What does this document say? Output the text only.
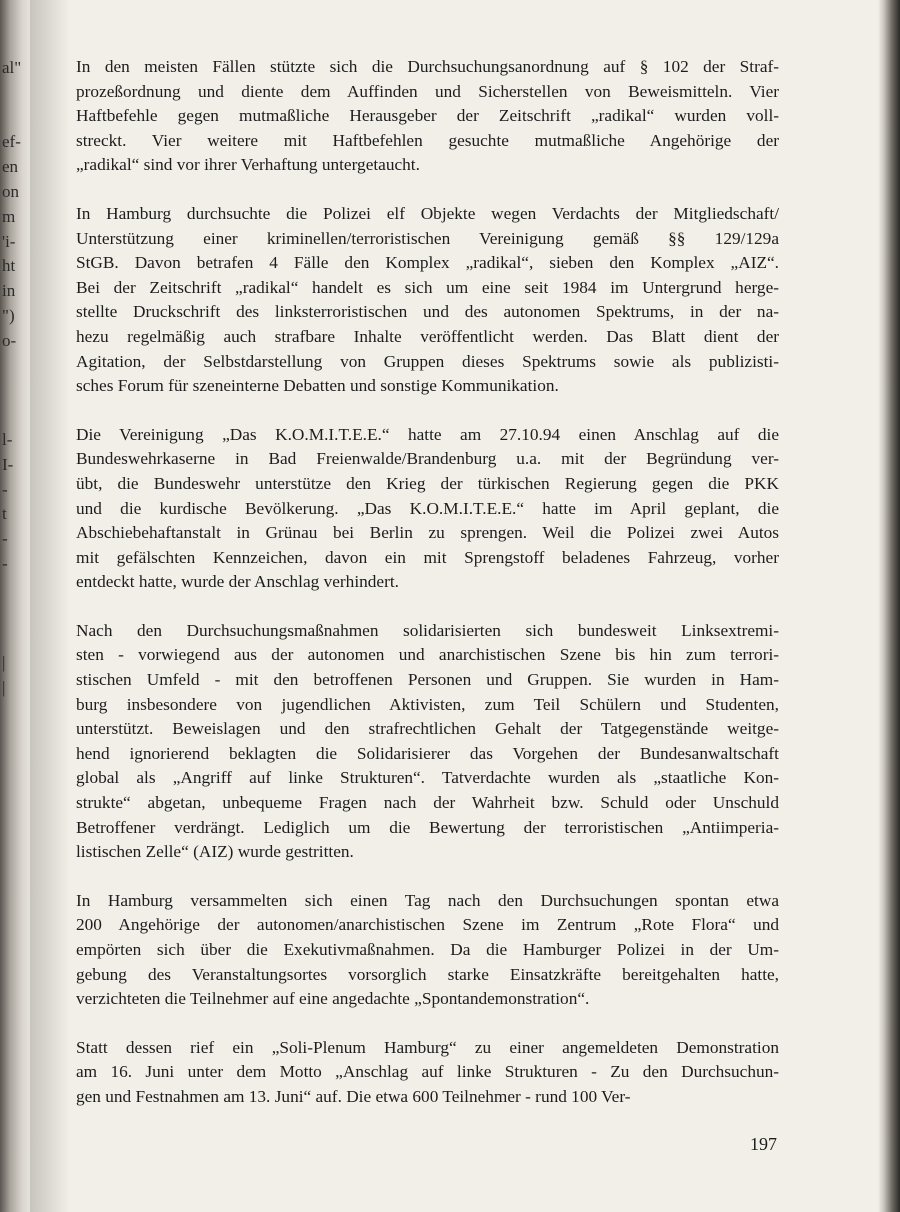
al"
ef-
en
on
m
'i-
ht
in
")
o-
l-
I-
-
t
-
-
|
|
In den meisten Fällen stützte sich die Durchsuchungsanordnung auf § 102 der Straf-
prozeßordnung und diente dem Auffinden und Sicherstellen von Beweismitteln. Vier
Haftbefehle gegen mutmaßliche Herausgeber der Zeitschrift „radikal“ wurden voll-
streckt. Vier weitere mit Haftbefehlen gesuchte mutmaßliche Angehörige der
„radikal“ sind vor ihrer Verhaftung untergetaucht.
In Hamburg durchsuchte die Polizei elf Objekte wegen Verdachts der Mitgliedschaft/
Unterstützung einer kriminellen/terroristischen Vereinigung gemäß §§ 129/129a
StGB. Davon betrafen 4 Fälle den Komplex „radikal“, sieben den Komplex „AIZ“.
Bei der Zeitschrift „radikal“ handelt es sich um eine seit 1984 im Untergrund herge-
stellte Druckschrift des linksterroristischen und des autonomen Spektrums, in der na-
hezu regelmäßig auch strafbare Inhalte veröffentlicht werden. Das Blatt dient der
Agitation, der Selbstdarstellung von Gruppen dieses Spektrums sowie als publizisti-
sches Forum für szeneinterne Debatten und sonstige Kommunikation.
Die Vereinigung „Das K.O.M.I.T.E.E.“ hatte am 27.10.94 einen Anschlag auf die
Bundeswehrkaserne in Bad Freienwalde/Brandenburg u.a. mit der Begründung ver-
übt, die Bundeswehr unterstütze den Krieg der türkischen Regierung gegen die PKK
und die kurdische Bevölkerung. „Das K.O.M.I.T.E.E.“ hatte im April geplant, die
Abschiebehaftanstalt in Grünau bei Berlin zu sprengen. Weil die Polizei zwei Autos
mit gefälschten Kennzeichen, davon ein mit Sprengstoff beladenes Fahrzeug, vorher
entdeckt hatte, wurde der Anschlag verhindert.
Nach den Durchsuchungsmaßnahmen solidarisierten sich bundesweit Linksextremi-
sten - vorwiegend aus der autonomen und anarchistischen Szene bis hin zum terrori-
stischen Umfeld - mit den betroffenen Personen und Gruppen. Sie wurden in Ham-
burg insbesondere von jugendlichen Aktivisten, zum Teil Schülern und Studenten,
unterstützt. Beweislagen und den strafrechtlichen Gehalt der Tatgegenstände weitge-
hend ignorierend beklagten die Solidarisierer das Vorgehen der Bundesanwaltschaft
global als „Angriff auf linke Strukturen“. Tatverdachte wurden als „staatliche Kon-
strukte“ abgetan, unbequeme Fragen nach der Wahrheit bzw. Schuld oder Unschuld
Betroffener verdrängt. Lediglich um die Bewertung der terroristischen „Antiimperia-
listischen Zelle“ (AIZ) wurde gestritten.
In Hamburg versammelten sich einen Tag nach den Durchsuchungen spontan etwa
200 Angehörige der autonomen/anarchistischen Szene im Zentrum „Rote Flora“ und
empörten sich über die Exekutivmaßnahmen. Da die Hamburger Polizei in der Um-
gebung des Veranstaltungsortes vorsorglich starke Einsatzkräfte bereitgehalten hatte,
verzichteten die Teilnehmer auf eine angedachte „Spontandemonstration“.
Statt dessen rief ein „Soli-Plenum Hamburg“ zu einer angemeldeten Demonstration
am 16. Juni unter dem Motto „Anschlag auf linke Strukturen - Zu den Durchsuchun-
gen und Festnahmen am 13. Juni“ auf. Die etwa 600 Teilnehmer - rund 100 Ver-
197
